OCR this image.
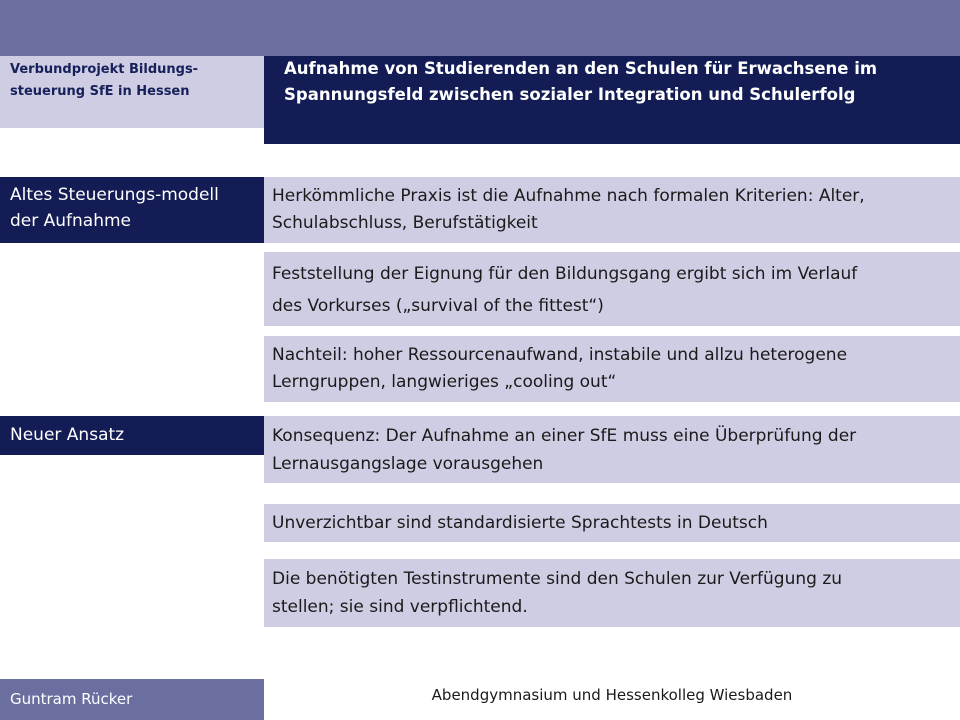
Verbundprojekt Bildungs-
steuerung SfE in Hessen
Aufnahme von Studierenden an den Schulen für Erwachsene im
Spannungsfeld zwischen sozialer Integration und Schulerfolg
Altes Steuerungs-modell
der Aufnahme
Herkömmliche Praxis ist die Aufnahme nach formalen Kriterien: Alter,
Schulabschluss, Berufstätigkeit
Feststellung der Eignung für den Bildungsgang ergibt sich im Verlauf
des Vorkurses („survival of the fittest“)
Nachteil: hoher Ressourcenaufwand, instabile und allzu heterogene
Lerngruppen, langwieriges „cooling out“
Neuer Ansatz	Konsequenz: Der Aufnahme an einer SfE muss eine Überprüfung der
Lernausgangslage vorausgehen
Unverzichtbar sind standardisierte Sprachtests in Deutsch
Die benötigten Testinstrumente sind den Schulen zur Verfügung zu
stellen; sie sind verpflichtend.
Guntram Rücker	Abendgymnasium und Hessenkolleg Wiesbaden
